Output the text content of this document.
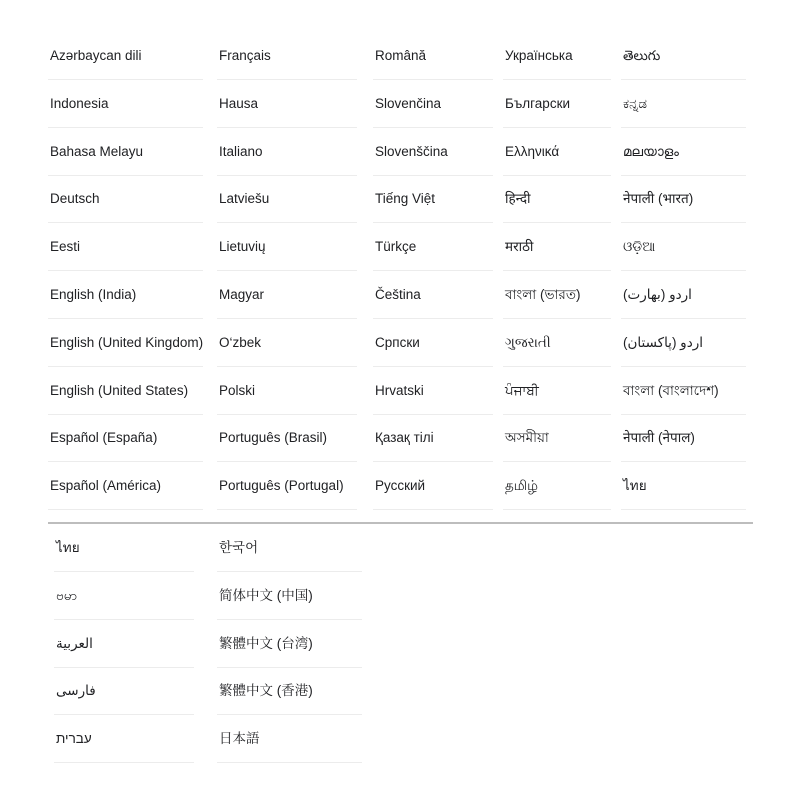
Azərbaycan dili
Indonesia
Bahasa Melayu
Deutsch
Eesti
English (India)
English (United Kingdom)
English (United States)
Español (España)
Español (América)
Français
Hausa
Italiano
Latviešu
Lietuvių
Magyar
O‘zbek
Polski
Português (Brasil)
Português (Portugal)
Română
Slovenčina
Slovenščina
Tiếng Việt
Türkçe
Čeština
Српски
Hrvatski
Қазақ тілі
Русский
Українська
Български
Ελληνικά
हिन्दी
मराठी
বাংলা (ভারত)
ગુજરાતી
ਪੰਜਾਬੀ
অসমীয়া
தமிழ்
తెలుగు
ಕನ್ನಡ
മലയാളം
नेपाली (भारत)
ଓଡ଼ିଆ
اردو (بھارت)
اردو (پاکستان)
বাংলা (বাংলাদেশ)
नेपाली (नेपाल)
ไทย
ไทย
ဗမာ
العربية
فارسی
עברית
한국어
简体中文 (中国)
繁體中文 (台湾)
繁體中文 (香港)
日本語
